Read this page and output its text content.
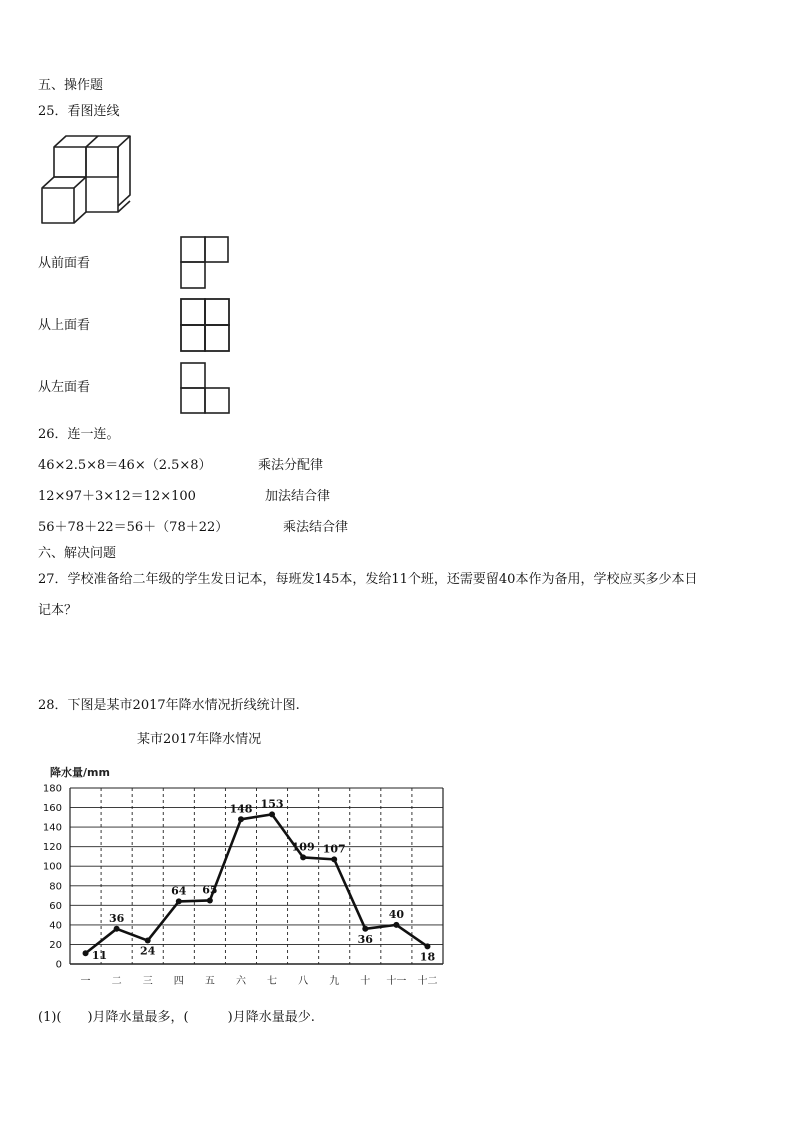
五、操作题
25．看图连线
从前面看
从上面看
从左面看
26．连一连。
46×2.5×8＝46×（2.5×8）
12×97＋3×12＝12×100
56＋78＋22＝56＋（78＋22）
乘法分配律
加法结合律
乘法结合律
六、解决问题
27．学校准备给二年级的学生发日记本，每班发145本，发给11个班，还需要留40本作为备用，学校应买多少本日
记本？
28．下图是某市2017年降水情况折线统计图.
某市2017年降水情况
0
20
40
60
80
100
120
140
160
180
降水量/mm
一 二 三 四 五 六 七 八 九 十 十一 十二
11
36
24
64 65
148 153
109 107
36
40
18
(1)(　　)月降水量最多，(　　　)月降水量最少.
